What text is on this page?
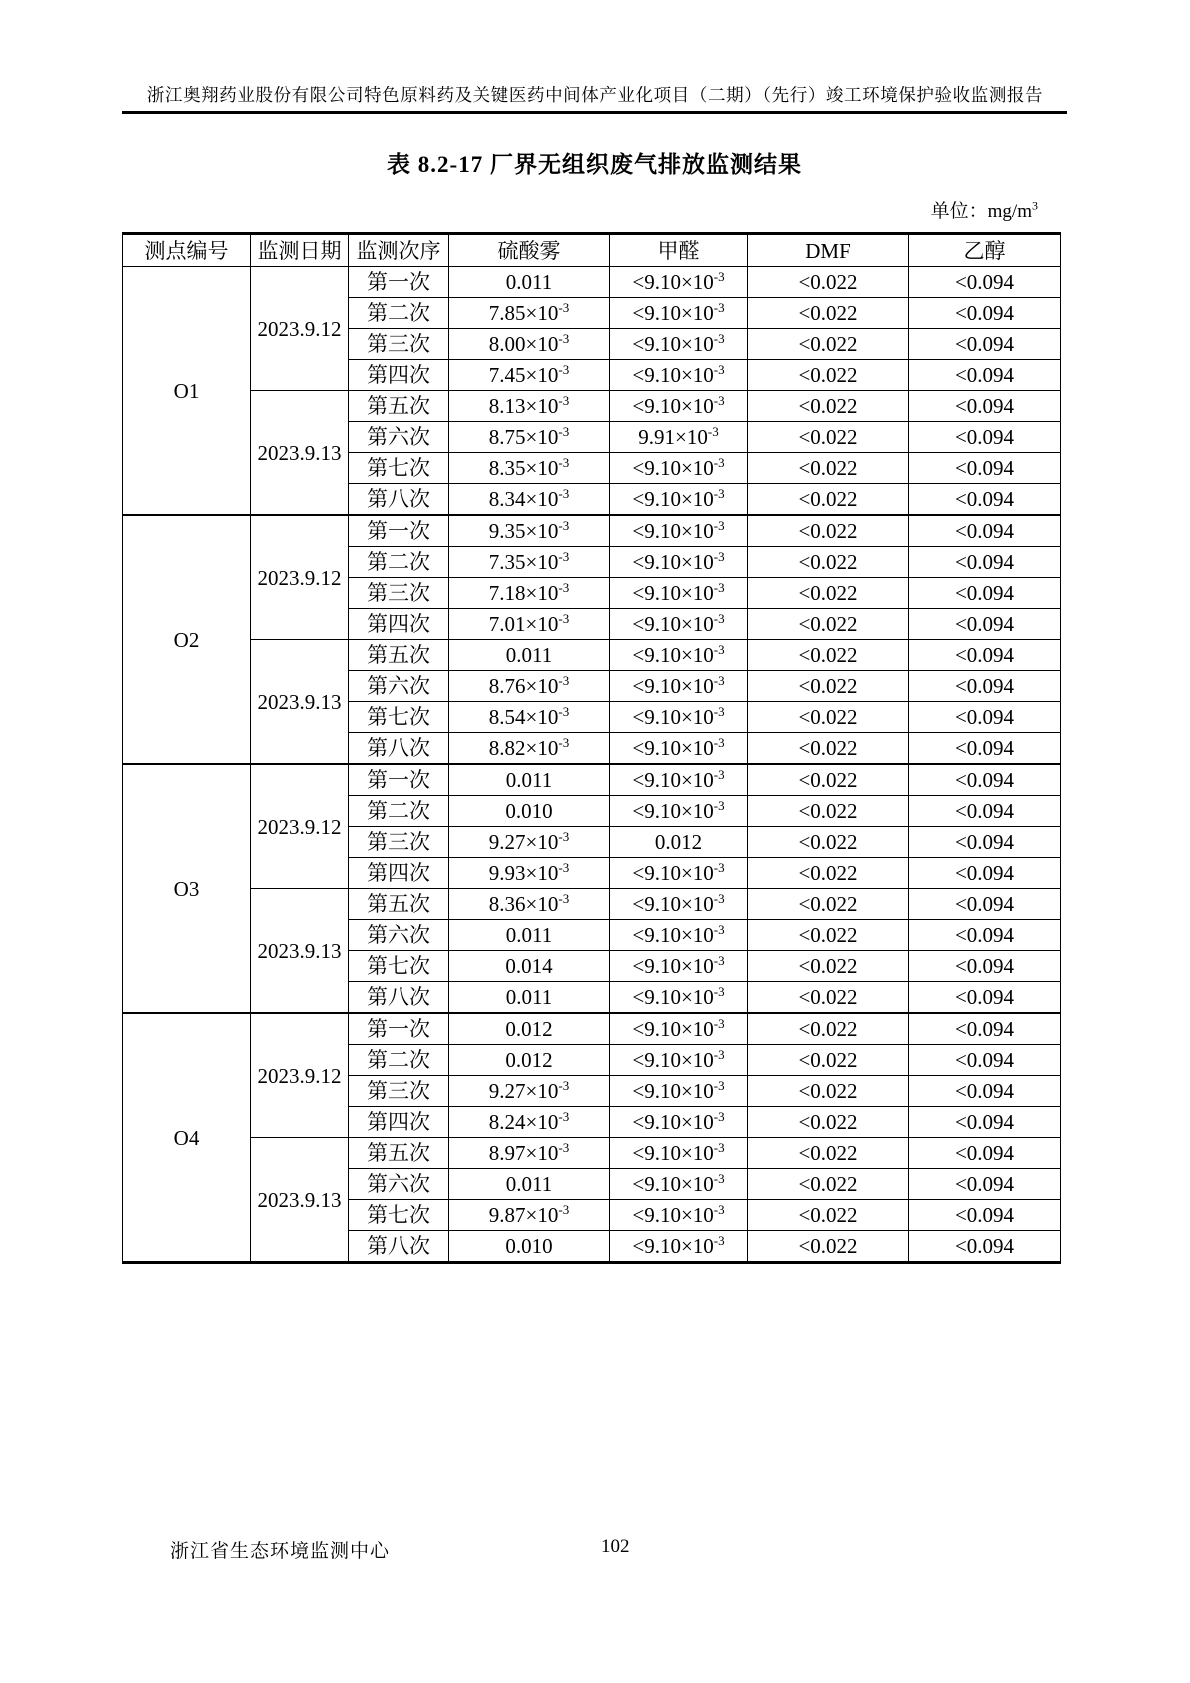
浙江奥翔药业股份有限公司特色原料药及关键医药中间体产业化项目（二期）（先行）竣工环境保护验收监测报告
表 8.2-17 厂界无组织废气排放监测结果
单位：$mg/m^3$
测点编号	监测日期	监测次序	硫酸雾	甲醛	DMF	乙醇
O1	2023.9.12	第一次	0.011	$<9.10\times 10^{-3}$	<0.022	<0.094
		第二次	$7.85\times 10^{-3}$	$<9.10\times 10^{-3}$	<0.022	<0.094
		第三次	$8.00\times 10^{-3}$	$<9.10\times 10^{-3}$	<0.022	<0.094
		第四次	$7.45\times 10^{-3}$	$<9.10\times 10^{-3}$	<0.022	<0.094
	2023.9.13	第五次	$8.13\times 10^{-3}$	$<9.10\times 10^{-3}$	<0.022	<0.094
		第六次	$8.75\times 10^{-3}$	$9.91\times 10^{-3}$	<0.022	<0.094
		第七次	$8.35\times 10^{-3}$	$<9.10\times 10^{-3}$	<0.022	<0.094
		第八次	$8.34\times 10^{-3}$	$<9.10\times 10^{-3}$	<0.022	<0.094
O2	2023.9.12	第一次	$9.35\times 10^{-3}$	$<9.10\times 10^{-3}$	<0.022	<0.094
		第二次	$7.35\times 10^{-3}$	$<9.10\times 10^{-3}$	<0.022	<0.094
		第三次	$7.18\times 10^{-3}$	$<9.10\times 10^{-3}$	<0.022	<0.094
		第四次	$7.01\times 10^{-3}$	$<9.10\times 10^{-3}$	<0.022	<0.094
	2023.9.13	第五次	0.011	$<9.10\times 10^{-3}$	<0.022	<0.094
		第六次	$8.76\times 10^{-3}$	$<9.10\times 10^{-3}$	<0.022	<0.094
		第七次	$8.54\times 10^{-3}$	$<9.10\times 10^{-3}$	<0.022	<0.094
		第八次	$8.82\times 10^{-3}$	$<9.10\times 10^{-3}$	<0.022	<0.094
O3	2023.9.12	第一次	0.011	$<9.10\times 10^{-3}$	<0.022	<0.094
		第二次	0.010	$<9.10\times 10^{-3}$	<0.022	<0.094
		第三次	$9.27\times 10^{-3}$	0.012	<0.022	<0.094
		第四次	$9.93\times 10^{-3}$	$<9.10\times 10^{-3}$	<0.022	<0.094
	2023.9.13	第五次	$8.36\times 10^{-3}$	$<9.10\times 10^{-3}$	<0.022	<0.094
		第六次	0.011	$<9.10\times 10^{-3}$	<0.022	<0.094
		第七次	0.014	$<9.10\times 10^{-3}$	<0.022	<0.094
		第八次	0.011	$<9.10\times 10^{-3}$	<0.022	<0.094
O4	2023.9.12	第一次	0.012	$<9.10\times 10^{-3}$	<0.022	<0.094
		第二次	0.012	$<9.10\times 10^{-3}$	<0.022	<0.094
		第三次	$9.27\times 10^{-3}$	$<9.10\times 10^{-3}$	<0.022	<0.094
		第四次	$8.24\times 10^{-3}$	$<9.10\times 10^{-3}$	<0.022	<0.094
	2023.9.13	第五次	$8.97\times 10^{-3}$	$<9.10\times 10^{-3}$	<0.022	<0.094
		第六次	0.011	$<9.10\times 10^{-3}$	<0.022	<0.094
		第七次	$9.87\times 10^{-3}$	$<9.10\times 10^{-3}$	<0.022	<0.094
		第八次	0.010	$<9.10\times 10^{-3}$	<0.022	<0.094
浙江省生态环境监测中心	102
